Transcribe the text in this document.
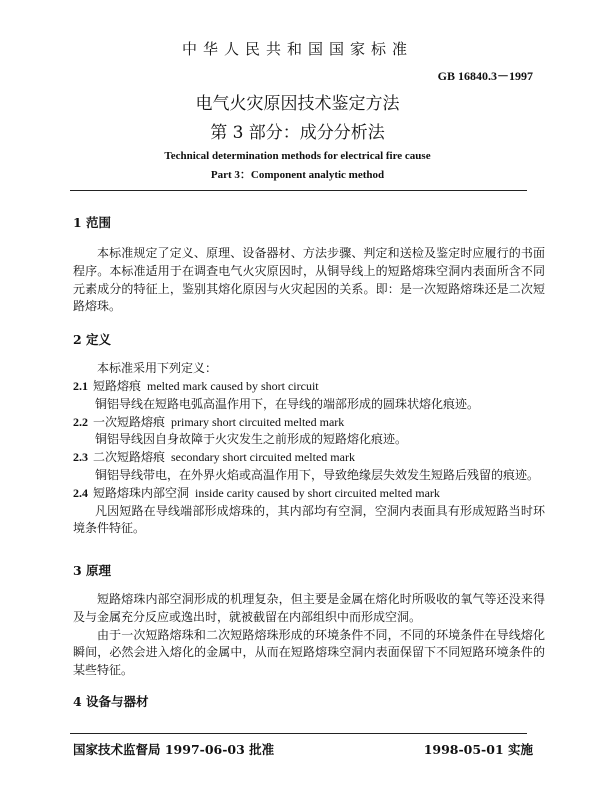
中华人民共和国国家标准
GB 16840.3－1997
电气火灾原因技术鉴定方法
第 3 部分：成分分析法
Technical determination methods for electrical fire cause
Part 3：Component analytic method
1 范围

本标准规定了定义、原理、设备器材、方法步骤、判定和送检及鉴定时应履行的书面程序。本标准适用于在调查电气火灾原因时，从铜导线上的短路熔珠空洞内表面所含不同元素成分的特征上，鉴别其熔化原因与火灾起因的关系。即：是一次短路熔珠还是二次短路熔珠。

2 定义

本标准采用下列定义：

2.1 短路熔痕 melted mark caused by short circuit
铜铝导线在短路电弧高温作用下，在导线的端部形成的圆珠状熔化痕迹。
2.2 一次短路熔痕 primary short circuited melted mark
铜铝导线因自身故障于火灾发生之前形成的短路熔化痕迹。
2.3 二次短路熔痕 secondary short circuited melted mark
铜铝导线带电，在外界火焰或高温作用下，导致绝缘层失效发生短路后残留的痕迹。
2.4 短路熔珠内部空洞 inside carity caused by short circuited melted mark
凡因短路在导线端部形成熔珠的，其内部均有空洞，空洞内表面具有形成短路当时环境条件特征。
3 原理

短路熔珠内部空洞形成的机理复杂，但主要是金属在熔化时所吸收的氧气等还没来得及与金属充分反应或逸出时，就被截留在内部组织中而形成空洞。

由于一次短路熔珠和二次短路熔珠形成的环境条件不同，不同的环境条件在导线熔化瞬间，必然会进入熔化的金属中，从而在短路熔珠空洞内表面保留下不同短路环境条件的某些特征。

4 设备与器材
国家技术监督局 1997-06-03 批准	1998-05-01 实施
